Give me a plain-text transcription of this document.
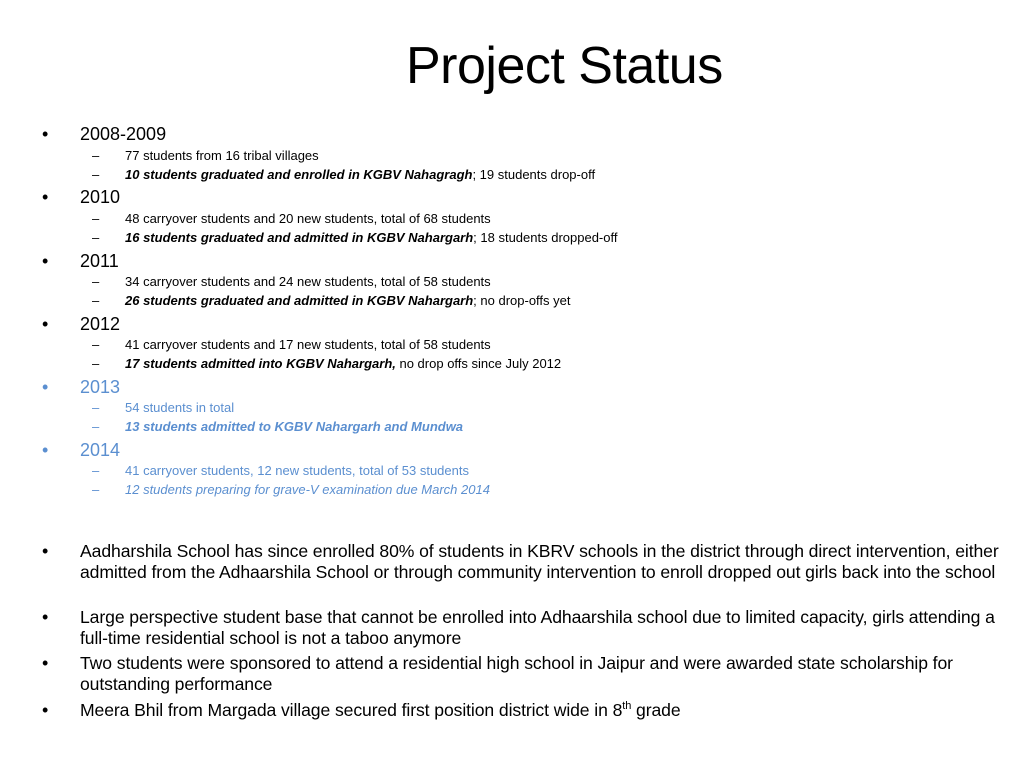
Project Status
• 2008-2009
– 77 students from 16 tribal villages
– 10 students graduated and enrolled in KGBV Nahagragh; 19 students drop-off
• 2010
– 48 carryover students and 20 new students, total of 68 students
– 16 students graduated and admitted in KGBV Nahargarh; 18 students dropped-off
• 2011
– 34 carryover students and 24 new students, total of 58 students
– 26 students graduated and admitted in KGBV Nahargarh; no drop-offs yet
• 2012
– 41 carryover students and 17 new students, total of 58 students
– 17 students admitted into KGBV Nahargarh, no drop offs since July 2012
• 2013
– 54 students in total
– 13 students admitted to KGBV Nahargarh and Mundwa
• 2014
– 41 carryover students, 12 new students, total of 53 students
– 12 students preparing for grave-V examination due March 2014
• Aadharshila School has since enrolled 80% of students in KBRV schools in the district through direct intervention, either admitted from the Adhaarshila School or through community intervention to enroll dropped out girls back into the school
• Large perspective student base that cannot be enrolled into Adhaarshila school due to limited capacity, girls attending a full-time residential school is not a taboo anymore
• Two students were sponsored to attend a residential high school in Jaipur and were awarded state scholarship for outstanding performance
• Meera Bhil from Margada village secured first position district wide in 8th grade
